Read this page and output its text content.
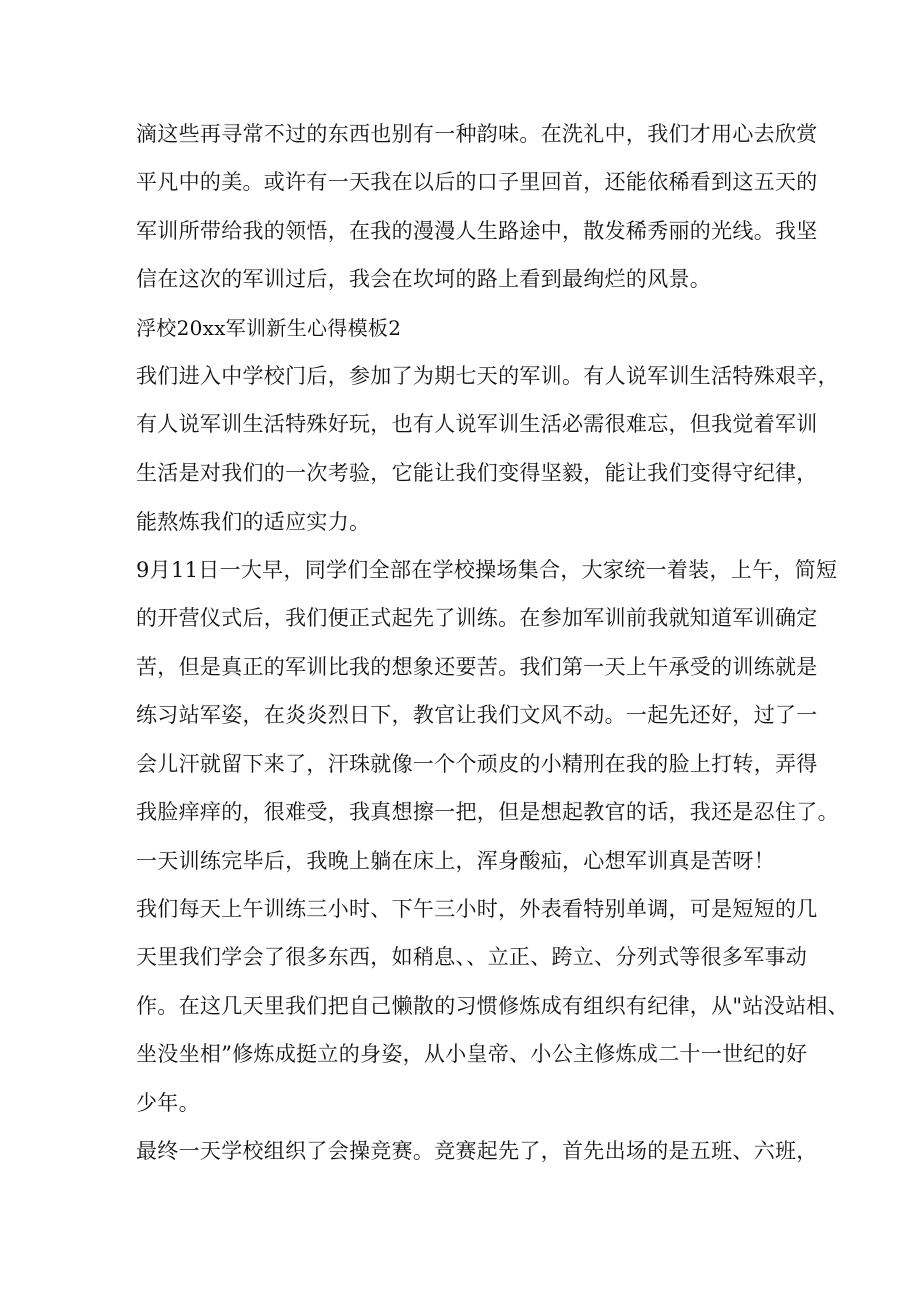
滴这些再寻常不过的东西也别有一种韵味。在洗礼中，我们才用心去欣赏
平凡中的美。或许有一天我在以后的口子里回首，还能依稀看到这五天的
军训所带给我的领悟，在我的漫漫人生路途中，散发稀秀丽的光线。我坚
信在这次的军训过后，我会在坎坷的路上看到最绚烂的风景。
浮校20xx军训新生心得模板2
我们进入中学校门后，参加了为期七天的军训。有人说军训生活特殊艰辛，
有人说军训生活特殊好玩，也有人说军训生活必需很难忘，但我觉着军训
生活是对我们的一次考验，它能让我们变得坚毅，能让我们变得守纪律，
能熬炼我们的适应实力。
9月11日一大早，同学们全部在学校操场集合，大家统一着装，上午，简短
的开营仪式后，我们便正式起先了训练。在参加军训前我就知道军训确定
苦，但是真正的军训比我的想象还要苦。我们第一天上午承受的训练就是
练习站军姿，在炎炎烈日下，教官让我们文风不动。一起先还好，过了一
会儿汗就留下来了，汗珠就像一个个顽皮的小精刑在我的脸上打转，弄得
我脸痒痒的，很难受，我真想擦一把，但是想起教官的话，我还是忍住了。
一天训练完毕后，我晚上躺在床上，浑身酸疝，心想军训真是苦呀！
我们每天上午训练三小时、下午三小时，外表看特别单调，可是短短的几
天里我们学会了很多东西，如稍息、、立正、跨立、分列式等很多军事动
作。在这几天里我们把自己懒散的习惯修炼成有组织有纪律，从"站没站相、
坐没坐相”修炼成挺立的身姿，从小皇帝、小公主修炼成二十一世纪的好
少年。
最终一天学校组织了会操竞赛。竞赛起先了，首先出场的是五班、六班，
